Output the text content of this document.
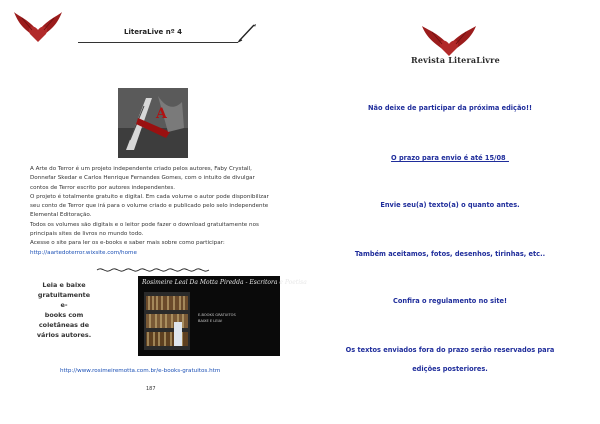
LiteraLive nº 4
A

A Arte do Terror é um projeto independente criado pelos autores, Faby Crystall, Donnefar Skedar e Carlos Henrique Fernandes Gomes, com o intuito de divulgar contos de Terror escrito por autores independentes.

O projeto é totalmente gratuito e digital. Em cada volume o autor pode disponibilizar seu conto de Terror que irá para o volume criado e publicado pelo selo independente Elemental Editoração.

Todos os volumes são digitais e o leitor pode fazer o download gratuitamente nos principais sites de livros no mundo todo.

Acesse o site para ler os e-books e saber mais sobre como participar:

http://aartedoterror.wixsite.com/home

Leia e baixe
gratuitamente e-
books com
coletâneas de
vários autores.
Rosimeire Leal Da Motta Piredda - Escritora e Poetisa
E-BOOKS GRATUITOS
BAIXE E LEIA!
http://www.rosimeiremotta.com.br/e-books-gratuitos.htm
187
Revista LiteraLivre
Não deixe de participar da próxima edição!!
O prazo para envio é até 15/08_
Envie seu(a) texto(a) o quanto antes.
Também aceitamos, fotos, desenhos, tirinhas, etc..
Confira o regulamento no site!
Os textos enviados fora do prazo serão reservados para
edições posteriores.
